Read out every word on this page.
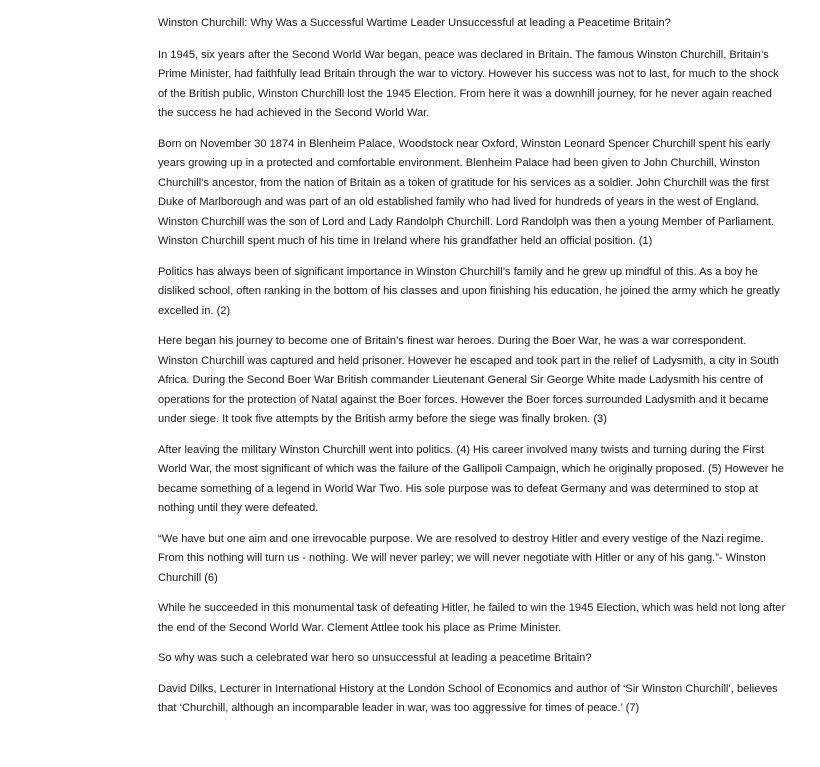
Winston Churchill: Why Was a Successful Wartime Leader Unsuccessful at leading a Peacetime Britain?

In 1945, six years after the Second World War began, peace was declared in Britain. The famous Winston Churchill, Britain’s Prime Minister, had faithfully lead Britain through the war to victory. However his success was not to last, for much to the shock of the British public, Winston Churchill lost the 1945 Election. From here it was a downhill journey, for he never again reached the success he had achieved in the Second World War.

Born on November 30 1874 in Blenheim Palace, Woodstock near Oxford, Winston Leonard Spencer Churchill spent his early years growing up in a protected and comfortable environment. Blenheim Palace had been given to John Churchill, Winston Churchill’s ancestor, from the nation of Britain as a token of gratitude for his services as a soldier. John Churchill was the first Duke of Marlborough and was part of an old established family who had lived for hundreds of years in the west of England. Winston Churchill was the son of Lord and Lady Randolph Churchill. Lord Randolph was then a young Member of Parliament. Winston Churchill spent much of his time in Ireland where his grandfather held an official position. (1)

Politics has always been of significant importance in Winston Churchill’s family and he grew up mindful of this. As a boy he disliked school, often ranking in the bottom of his classes and upon finishing his education, he joined the army which he greatly excelled in. (2)

Here began his journey to become one of Britain’s finest war heroes. During the Boer War, he was a war correspondent. Winston Churchill was captured and held prisoner. However he escaped and took part in the relief of Ladysmith, a city in South Africa. During the Second Boer War British commander Lieutenant General Sir George White made Ladysmith his centre of operations for the protection of Natal against the Boer forces. However the Boer forces surrounded Ladysmith and it became under siege. It took five attempts by the British army before the siege was finally broken. (3)

After leaving the military Winston Churchill went into politics. (4) His career involved many twists and turning during the First World War, the most significant of which was the failure of the Gallipoli Campaign, which he originally proposed. (5) However he became something of a legend in World War Two. His sole purpose was to defeat Germany and was determined to stop at nothing until they were defeated.

“We have but one aim and one irrevocable purpose. We are resolved to destroy Hitler and every vestige of the Nazi regime. From this nothing will turn us - nothing. We will never parley; we will never negotiate with Hitler or any of his gang.”- Winston Churchill (6)

While he succeeded in this monumental task of defeating Hitler, he failed to win the 1945 Election, which was held not long after the end of the Second World War. Clement Attlee took his place as Prime Minister.

So why was such a celebrated war hero so unsuccessful at leading a peacetime Britain?

David Dilks, Lecturer in International History at the London School of Economics and author of ‘Sir Winston Churchill’, believes that ‘Churchill, although an incomparable leader in war, was too aggressive for times of peace.’ (7)
